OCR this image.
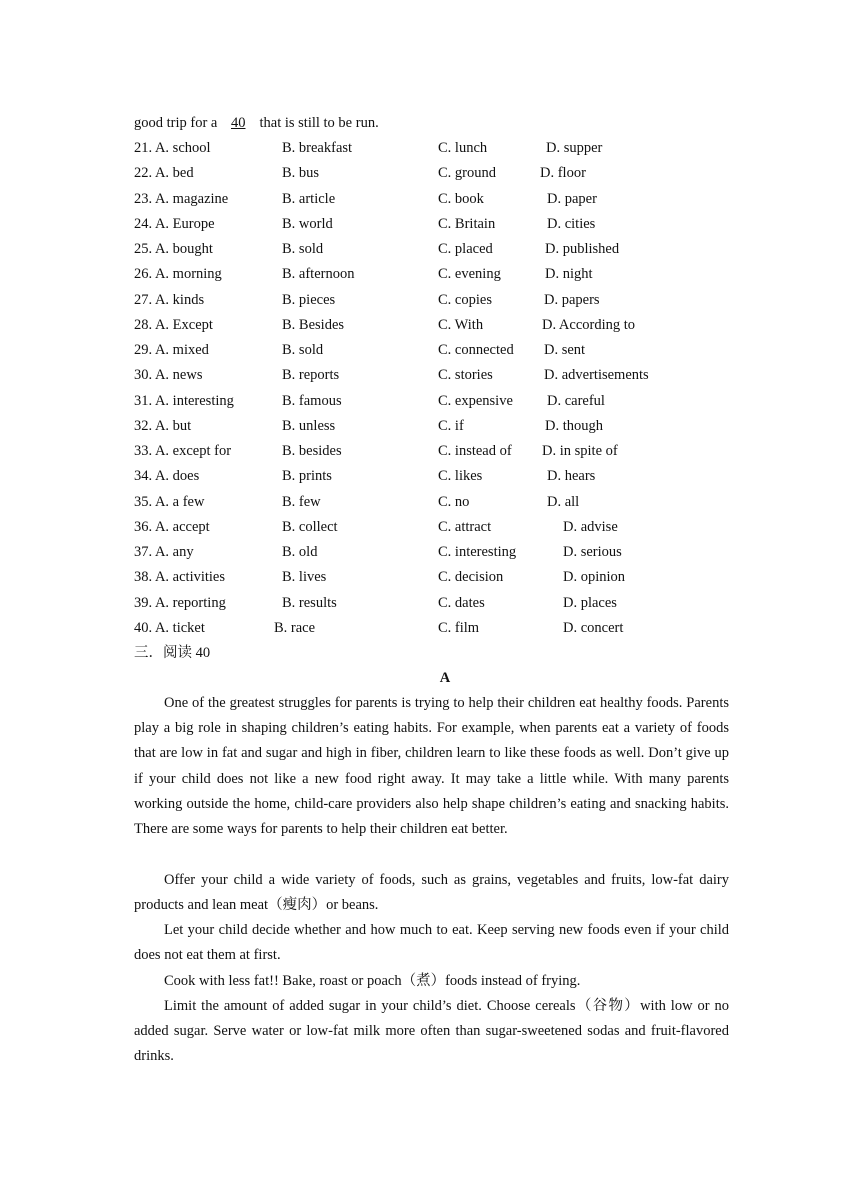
good trip for a 40 that is still to be run.
21. A. school	B. breakfast	C. lunch	D. supper
22. A. bed	B. bus	C. ground	D. floor
23. A. magazine	B. article	C. book	D. paper
24. A. Europe	B. world	C. Britain	D. cities
25. A. bought	B. sold	C. placed	D. published
26. A. morning	B. afternoon	C. evening	D. night
27. A. kinds	B. pieces	C. copies	D. papers
28. A. Except	B. Besides	C. With	D. According to
29. A. mixed	B. sold	C. connected D. sent
30. A. news	B. reports	C. stories	D. advertisements
31. A. interesting	B. famous	C. expensive D. careful
32. A. but	B. unless	C. if	D. though
33. A. except for	B. besides	C. instead of D. in spite of
34. A. does	B. prints	C. likes	D. hears
35. A. a few	B. few	C. no	D. all
36. A. accept	B. collect	C. attract	D. advise
37. A. any	B. old	C. interesting	D. serious
38. A. activities	B. lives	C. decision	D. opinion
39. A. reporting	B. results	C. dates	D. places
40. A. ticket	B. race	C. film	D. concert
三．阅读 40
A

One of the greatest struggles for parents is trying to help their children eat healthy foods. Parents play a big role in shaping children’s eating habits. For example, when parents eat a variety of foods that are low in fat and sugar and high in fiber, children learn to like these foods as well. Don’t give up if your child does not like a new food right away. It may take a little while. With many parents working outside the home, child-care providers also help shape children’s eating and snacking habits. There are some ways for parents to help their children eat better.

Offer your child a wide variety of foods, such as grains, vegetables and fruits, low-fat dairy products and lean meat（瘦肉）or beans.

Let your child decide whether and how much to eat. Keep serving new foods even if your child does not eat them at first.

Cook with less fat!! Bake, roast or poach（煮）foods instead of frying.

Limit the amount of added sugar in your child’s diet. Choose cereals（谷物）with low or no added sugar. Serve water or low-fat milk more often than sugar-sweetened sodas and fruit-flavored drinks.
